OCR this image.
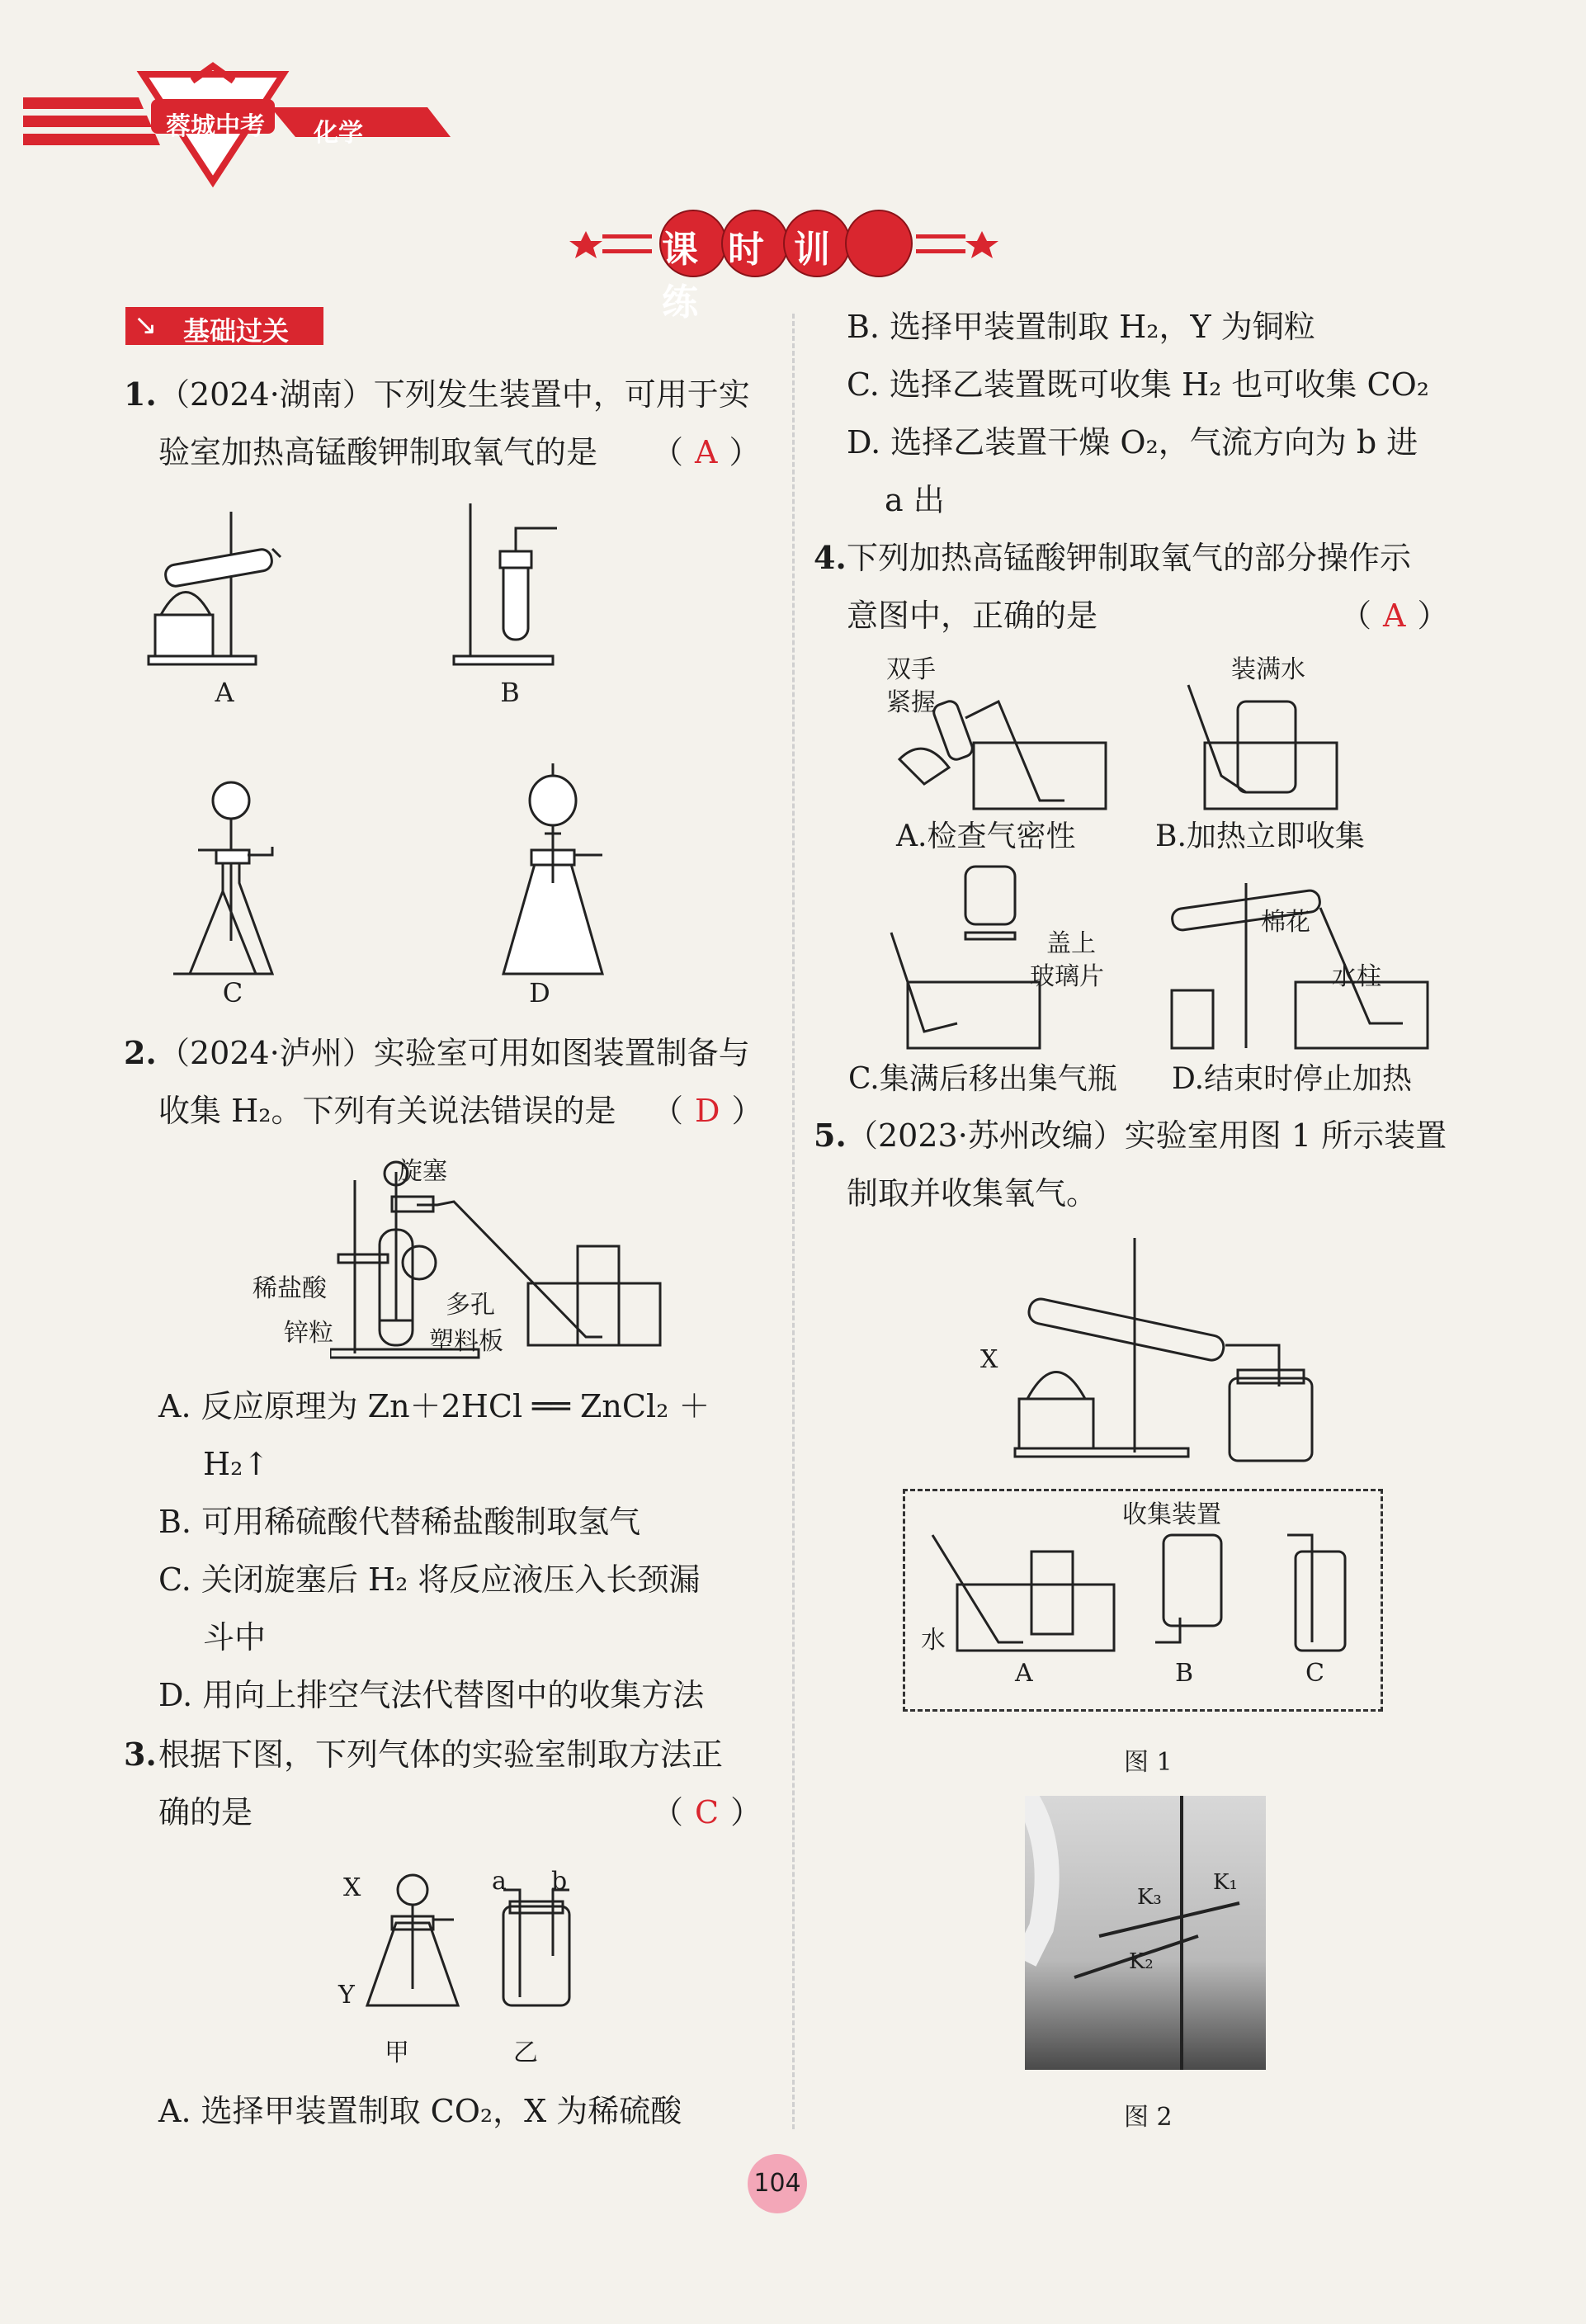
蓉城中考	化学
课时训练
↘ 基础过关
1. （2024·湖南）下列发生装置中，可用于实
验室加热高锰酸钾制取氧气的是 （ A ）
A	B
C	D
2. （2024·泸州）实验室可用如图装置制备与
收集 H₂。下列有关说法错误的是 （ D ）
旋塞
稀盐酸
锌粒
多孔
塑料板
A. 反应原理为 Zn＋2HCl ══ ZnCl₂ ＋
H₂↑
B. 可用稀硫酸代替稀盐酸制取氢气
C. 关闭旋塞后 H₂ 将反应液压入长颈漏
斗中
D. 用向上排空气法代替图中的收集方法
3. 根据下图，下列气体的实验室制取方法正
确的是	（ C ）
X
Y
a b
甲	乙
A. 选择甲装置制取 CO₂，X 为稀硫酸
B. 选择甲装置制取 H₂，Y 为铜粒
C. 选择乙装置既可收集 H₂ 也可收集 CO₂
D. 选择乙装置干燥 O₂，气流方向为 b 进
a 出
4. 下列加热高锰酸钾制取氧气的部分操作示
意图中，正确的是	（ A ）
双手
紧握
装满水
A.检查气密性	B.加热立即收集
盖上
玻璃片
棉花
水柱
C.集满后移出集气瓶 D.结束时停止加热
5. （2023·苏州改编）实验室用图 1 所示装置
制取并收集氧气。
X
收集装置
水
A	B	C
图 1
K₁
K₃
K₂
图 2
104
